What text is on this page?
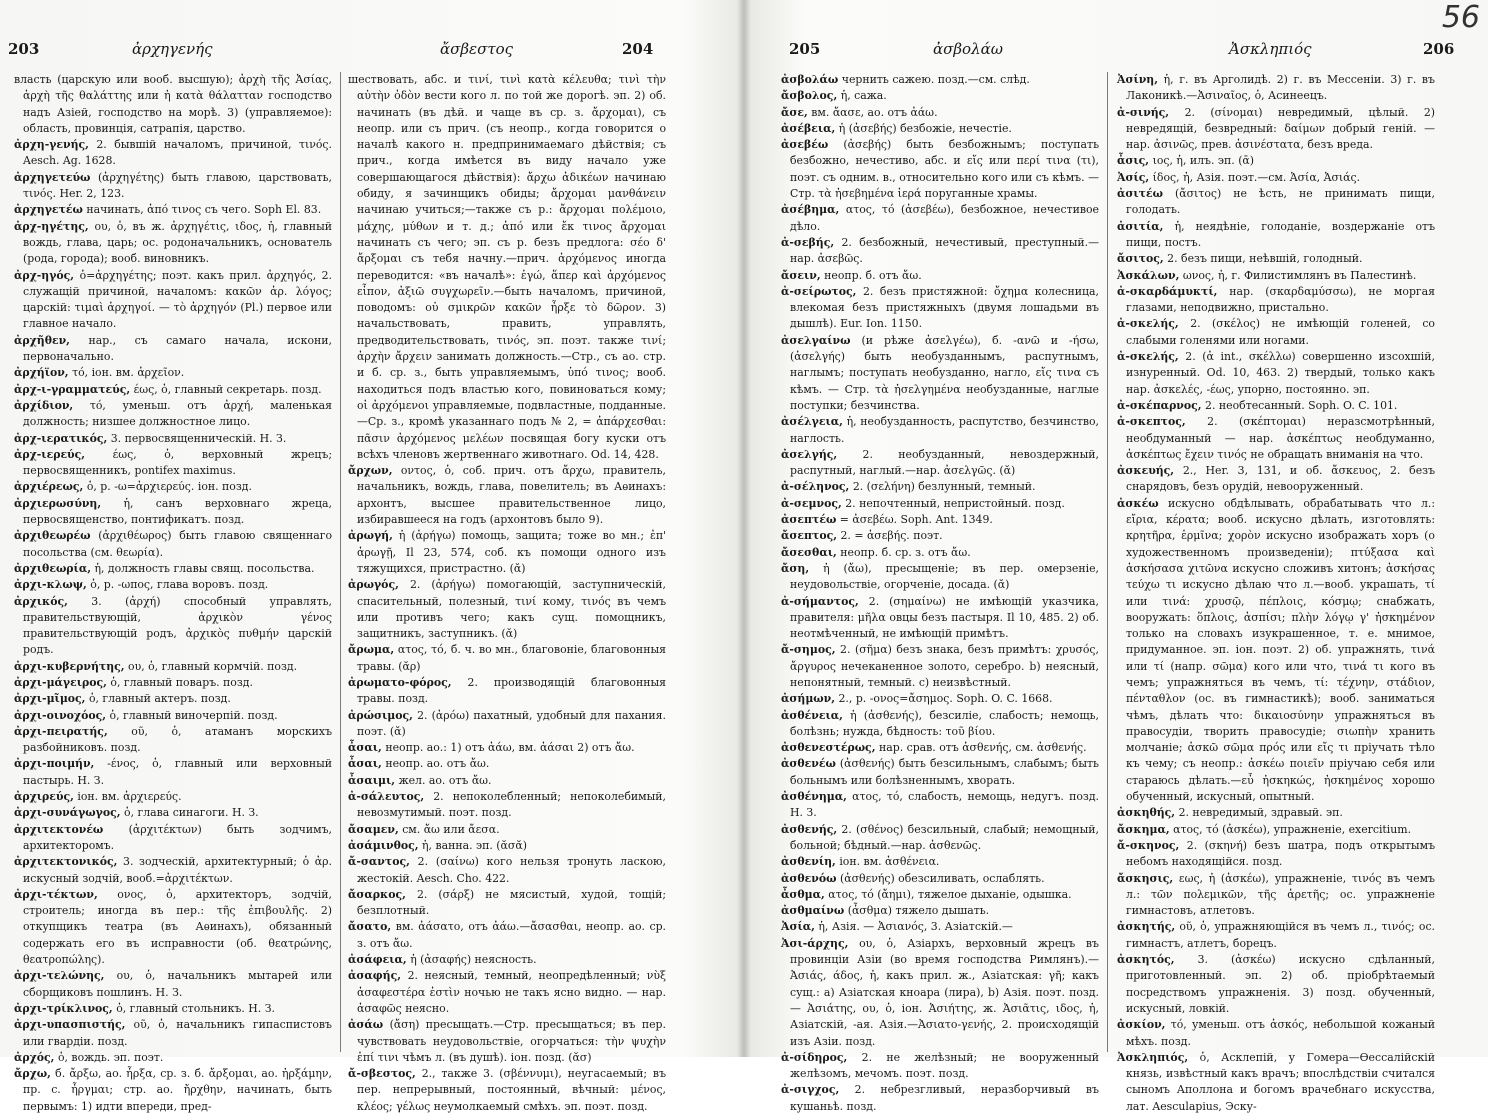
56
203	ἀρχηγενής	ἄσβεστος	204

власть (царскую или вооб. высшую); ἀρχὴ τῆς Ἀσίας, ἀρχὴ τῆς θαλάττης или ἡ κατὰ θάλατταν господство надъ Азіей, господство на морѣ. 3) (управляемое): область, провинція, сатрапія, царство.

ἀρχη-γενής, 2. бывшій началомъ, причиной, τινός. Aesch. Ag. 1628.

ἀρχηγετεύω (ἀρχηγέτης) быть главою, царствовать, τινός. Her. 2, 123.

ἀρχηγετέω начинать, ἀπό τινος съ чего. Soph El. 83.

ἀρχ-ηγέτης, ου, ὁ, въ ж. ἀρχηγέτις, ιδος, ἡ, главный вождь, глава, царь; ос. родоначальникъ, основатель (рода, города); вооб. виновникъ.

ἀρχ-ηγός, ὁ=ἀρχηγέτης; поэт. какъ прил. ἀρχηγός, 2. служащій причиной, началомъ: κακῶν ἀρ. λόγος; царскій: τιμαὶ ἀρχηγοί. — τὸ ἀρχηγόν (Pl.) первое или главное начало.

ἀρχῆθεν, нар., съ самаго начала, искони, первоначально.

ἀρχήϊον, τό, іон. вм. ἀρχεῖον.

ἀρχ-ι-γραμματεύς, έως, ὁ, главный секретарь. позд.

ἀρχίδιον, τό, уменьш. отъ ἀρχή, маленькая должность; низшее должностное лицо.

ἀρχ-ιερατικός, 3. первосвященническій. Н. З.

ἀρχ-ιερεύς,	έως, ὁ, верховный жрецъ; первосвященникъ, pontifex maximus.

ἀρχιέρεως, ὁ, р. -ω=ἀρχιερεύς. іон. позд.

ἀρχιερωσύνη, ἡ, санъ верховнаго жреца, первосвященство, понтификатъ. позд.

ἀρχιθεωρέω (ἀρχιθέωρος) быть главою священнаго посольства (см. θεωρία).

ἀρχιθεωρία, ἡ, должность главы свящ. посольства.

ἀρχι-κλωψ, ὁ, р. -ωπος, глава воровъ. позд.

ἀρχικός, 3. (ἀρχή) способный управлять, правительствующій, ἀρχικὸν γένος правительствующій родъ, ἀρχικὸς πυθμήν царскій родъ.

ἀρχι-κυβερνήτης, ου, ὁ, главный кормчій. позд.

ἀρχι-μάγειρος, ὁ, главный поваръ. позд.

ἀρχι-μῖμος, ὁ, главный актеръ. позд.

ἀρχι-οινοχόος, ὁ, главный виночерпій. позд.

ἀρχι-πειρατής, οῦ, ὁ, атаманъ морскихъ разбойниковъ. позд.

ἀρχι-ποιμήν, -ένος, ὁ, главный или верховный пастырь. Н. З.

ἀρχιρεύς, іон. вм. ἀρχιερεύς.

ἀρχι-συνάγωγος, ὁ, глава синагоги. Н. З.

ἀρχιτεκτονέω (ἀρχιτέκτων) быть зодчимъ, архитекторомъ.

ἀρχιτεκτονικός, 3. зодческій, архитектурный; ὁ ἀρ. искусный зодчій, вооб.=ἀρχιτέκτων.

ἀρχι-τέκτων, ονος, ὁ, архитекторъ, зодчій, строитель; иногда въ пер.: τῆς ἐπιβουλῆς. 2) откупщикъ театра (въ Аѳинахъ), обязанный содержать его въ исправности (об. θεατρώνης, θεατροπώλης).

ἀρχι-τελώνης, ου, ὁ, начальникъ мытарей или сборщиковъ пошлинъ. Н. З.

ἀρχι-τρίκλινος, ὁ, главный стольникъ. Н. З.

ἀρχι-υπασπιστής, οῦ, ὁ, начальникъ гипаспистовъ или гвардіи. позд.

ἀρχός, ὁ, вождь. эп. поэт.

ἄρχω, б. ἄρξω, ао. ἦρξα, ср. з. б. ἄρξομαι, ао. ἠρξάμην, пр. с. ἦργμαι; стр. ао. ἤρχθην, начинать, быть первымъ: 1) идти впереди, пред-

шествовать, абс. и τινί, τινὶ κατὰ κέλευθα; τινὶ τὴν αὐτὴν ὁδὸν вести кого л. по той же дорогѣ. эп. 2) об. начинать (въ дѣй. и чаще въ ср. з. ἄρχομαι), съ неопр. или съ прич. (съ неопр., когда говорится о началѣ какого н. предпринимаемаго дѣйствія; съ прич., когда имѣется въ виду начало уже совершающагося дѣйствія): ἄρχω ἀδικέων начинаю обиду, я зачинщикъ обиды; ἄρχομαι μανθάνειν начинаю учиться;—также съ р.: ἄρχομαι πολέμοιο, μάχης, μύθων и т. д.; ἀπό или ἔκ τινος ἄρχομαι начинать съ чего; эп. съ р. безъ предлога: σέο δ' ἄρξομαι съ тебя начну.—прич. ἀρχόμενος иногда переводится: «въ началѣ»: ἐγώ, ἅπερ καὶ ἀρχόμενος εἶπον, ἀξιῶ συγχωρεῖν.—быть началомъ, причиной, поводомъ: οὐ σμικρῶν κακῶν ἦρξε τὸ δῶρον. 3) начальствовать, править, управлять, предводительствовать, τινός, эп. поэт. также τινί; ἀρχὴν ἄρχειν занимать должность.—Стр., съ ао. стр. и б. ср. з., быть управляемымъ, ὑπό τινος; вооб. находиться подъ властью кого, повиноваться кому; οἱ ἀρχόμενοι управляемые, подвластные, подданные.—Ср. з., кромѣ указаннаго подъ № 2, = ἀπάρχεσθαι: πᾶσιν ἀρχόμενος μελέων посвящая богу куски отъ всѣхъ членовъ жертвеннаго животнаго. Od. 14, 428.

ἄρχων, οντος, ὁ, соб. прич. отъ ἄρχω, правитель, начальникъ, вождь, глава, повелитель; въ Аѳинахъ: архонтъ, высшее правительственное лицо, избиравшееся на годъ (архонтовъ было 9).

ἀρωγή, ἡ (ἀρήγω) помощь, защита; тоже во мн.; ἐπ' ἀρωγῇ, Il 23, 574, соб. къ помощи одного изъ тяжущихся, пристрастно. (ᾰ)

ἀρωγός, 2. (ἀρήγω) помогающій, заступническій, спасительный, полезный, τινί кому, τινός въ чемъ или противъ чего; какъ сущ. помощникъ, защитникъ, заступникъ. (ᾰ)

ἄρωμα, ατος, τό, б. ч. во мн., благовоніе, благовонныя травы. (ᾰρ)

ἀρωματο-φόρος, 2. производящій благовонныя травы. позд.

ἀρώσιμος, 2. (ἀρόω) пахатный, удобный для пахания. поэт. (ᾰ)

ἆσαι, неопр. ао.: 1) отъ ἀάω, вм. ἀάσαι 2) отъ ἄω.

ἆσαι, неопр. ао. отъ ἄω.

ἆσαιμι, жел. ао. отъ ἄω.

ἀ-σάλευτος, 2. непоколебленный; непоколебимый, невозмутимый. поэт. позд.

ἄσαμεν, см. ἄω или ἄεσα.

ἀσάμινθος, ἡ, ванна. эп. (ᾰσᾰ)

ἄ-σαντος, 2. (σαίνω) кого нельзя тронуть ласкою, жестокій. Aesch. Cho. 422.

ἄσαρκος, 2. (σάρξ) не мясистый, худой, тощій; безплотный.

ἄσατο, вм. ἀάσατο, отъ ἀάω.—ἄσασθαι, неопр. ао. ср. з. отъ ἄω.

ἀσάφεια, ἡ (ἀσαφής) неясность.

ἀσαφής, 2. неясный, темный, неопредѣленный; νὺξ ἀσαφεστέρα ἐστὶν ночью не такъ ясно видно. — нар. ἀσαφῶς неясно.

ἀσάω (ἄση) пресыщать.—Стр. пресыщаться; въ пер. чувствовать неудовольствіе, огорчаться: τὴν ψυχὴν ἐπί τινι чѣмъ л. (въ душѣ). іон. позд. (ᾰσ)

ἄ-σβεστος, 2., также 3. (σβέννυμι), неугасаемый; въ пер. непрерывный, постоянный, вѣчный: μένος, κλέος; γέλως неумолкаемый смѣхъ. эп. поэт. позд.

205	ἀσβολάω	Ἀσκληπιός	206

ἀσβολάω чернить сажею. позд.—см. слѣд.

ἄσβολος, ἡ, сажа.

ἄσε, вм. ἄασε, ао. отъ ἀάω.

ἀσέβεια, ἡ (ἀσεβής) безбожіе, нечестіе.

ἀσεβέω (ἀσεβής) быть безбожнымъ; поступать безбожно, нечестиво, абс. и εἴς или περί τινα (τι), поэт. съ одним. в., относительно кого или съ кѣмъ. — Стр. τὰ ἠσεβημένα ἱερά поруганные храмы.

ἀσέβημα, ατος, τό (ἀσεβέω), безбожное, нечестивое дѣло.

ἀ-σεβής, 2. безбожный, нечестивый, преступный.—нар. ἀσεβῶς.

ἄσειν, неопр. б. отъ ἄω.

ἀ-σείρωτος, 2. безъ пристяжной: ὄχημα колесница, влекомая безъ пристяжныхъ (двумя лошадьми въ дышлѣ). Eur. Ion. 1150.

ἀσελγαίνω (и рѣже ἀσελγέω), б. -ανῶ и -ήσω, (ἀσελγής) быть необузданнымъ, распутнымъ, наглымъ; поступать необузданно, нагло, εἴς τινα съ кѣмъ. — Стр. τὰ ἠσελγημένα необузданные, наглые поступки; безчинства.

ἀσέλγεια, ἡ, необузданность, распутство, безчинство, наглость.

ἀσελγής, 2. необузданный, невоздержный, распутный, наглый.—нар. ἀσελγῶς. (ᾰ)

ἀ-σέληνος, 2. (σελήνη) безлунный, темный.

ἀ-σεμνος, 2. непочтенный, непристойный. позд.

ἀσεπτέω = ἀσεβέω. Soph. Ant. 1349.

ἄσεπτος, 2. = ἀσεβής. поэт.

ἄσεσθαι, неопр. б. ср. з. отъ ἄω.

ἄση, ἡ (ἄω), пресыщеніе; въ пер. омерзеніе, неудовольствіе, огорченіе, досада. (ᾰ)

ἀ-σήμαντος, 2. (σημαίνω) не имѣющій указчика, правителя: μῆλα овцы безъ пастыря. Il 10, 485. 2) об. неотмѣченный, не имѣющій примѣтъ.

ἄ-σημος, 2. (σῆμα) безъ знака, безъ примѣтъ: χρυσός, ἄργυρος нечеканенное золото, серебро. b) неясный, непонятный, темный. c) неизвѣстный.

ἀσήμων, 2., р. -ονος=ἄσημος. Soph. O. C. 1668.

ἀσθένεια, ἡ (ἀσθενής), безсиліе, слабость; немощь, болѣзнь; нужда, бѣдность: τοῦ βίου.

ἀσθενεστέρως, нар. срав. отъ ἀσθενής, см. ἀσθενής.

ἀσθενέω (ἀσθενής) быть безсильнымъ, слабымъ; быть больнымъ или болѣзненнымъ, хворать.

ἀσθένημα, ατος, τό, слабость, немощь, недугъ. позд. Н. З.

ἀσθενής, 2. (σθένος) безсильный, слабый; немощный, больной; бѣдный.—нар. ἀσθενῶς.

ἀσθενίη, іон. вм. ἀσθένεια.

ἀσθενόω (ἀσθενής) обезсиливать, ослаблять.

ἆσθμα, ατος, τό (ἄημι), тяжелое дыханіе, одышка.

ἀσθμαίνω (ἆσθμα) тяжело дышать.

Ἀσία, ἡ, Азія. — Ἀσιανός, 3. Азіатскій.—

Ἀσι-άρχης, ου, ὁ, Азіархъ, верховный жрецъ въ провинціи Азіи (во время господства Римлянъ).—Ἀσιάς, άδος, ἡ, какъ прил. ж., Азіатская: γῆ; какъ сущ.: a) Азіатская кноара (лира), b) Азія. поэт. позд. — Ἀσιάτης, ου, ὁ, іон. Ἀσιήτης, ж. Ἀσιᾶτις, ιδος, ἡ, Азіатскій, -ая. Азія.—Ἀσιατο-γενής, 2. происходящій изъ Азіи. позд.

ἀ-σίδηρος, 2. не желѣзный; не вооруженный желѣзомъ, мечомъ. поэт. позд.

ἀ-σιγχος, 2. небрезгливый, неразборчивый въ кушаньѣ. позд.

Ἀσίνη, ἡ, г. въ Арголидѣ. 2) г. въ Мессеніи. 3) г. въ Лаконикѣ.—Ἀσιναῖος, ὁ, Асинеецъ.

ἀ-σινής, 2. (σίνομαι) невредимый, цѣлый. 2) невредящій, безвредный: δαίμων добрый геній. —нар. ἀσινῶς, прев. ἀσινέστατα, безъ вреда.

ἆσις, ιος, ἡ, илъ. эп. (ᾱ)

Ἀσίς, ίδος, ἡ, Азія. поэт.—см. Ἀσία, Ἀσιάς.

ἀσιτέω (ἄσιτος) не ѣсть, не принимать пищи, голодать.

ἀσιτία, ἡ, неядѣніе, голоданіе, воздержаніе отъ пищи, постъ.

ἄσιτος, 2. безъ пищи, неѣвшій, голодный.

Ἀσκάλων, ωνος, ἡ, г. Филистимлянъ въ Палестинѣ.

ἀ-σκαρδάμυκτί, нар. (σκαρδαμύσσω), не моргая глазами, неподвижно, пристально.

ἀ-σκελής, 2. (σκέλος) не имѣющій голеней, со слабыми голенями или ногами.

ἀ-σκελής, 2. (ἀ int., σκέλλω) совершенно изсохшій, изнуренный. Od. 10, 463. 2) твердый, только какъ нар. ἀσκελές, -έως, упорно, постоянно. эп.

ἀ-σκέπαρνος, 2. необтесанный. Soph. O. C. 101.

ἀ-σκεπτος, 2. (σκέπτομαι) неразсмотрѣнный, необдуманный — нар. ἀσκέπτως необдуманно, ἀσκέπτως ἔχειν τινός не обращать вниманія на что.

ἀσκευής, 2., Her. 3, 131, и об. ἄσκευος, 2. безъ снарядовъ, безъ орудій, невооруженный.

ἀσκέω искусно обдѣлывать, обрабатывать что л.: εἴρια, κέρατα; вооб. искусно дѣлать, изготовлять: κρητῆρα, ἑρμῖνα; χορὸν искусно изображать хоръ (о художественномъ произведеніи); πτύξασα καὶ ἀσκήσασα χιτῶνα искусно сложивъ хитонъ; ἀσκήσας τεύχω τι искусно дѣлаю что л.—вооб. украшать, τί или τινά: χρυσῷ, πέπλοις, κόσμῳ; снабжать, вооружать: ὅπλοις, ἀσπίσι; πλὴν λόγῳ γ' ἠσκημένον только на словахъ изукрашенное, т. е. мнимое, придуманное. эп. іон. поэт. 2) об. упражнять, τινά или τί (напр. σῶμα) кого или что, τινά τι кого въ чемъ; упражняться въ чемъ, τί: τέχνην, στάδιον, πένταθλον (ос. въ гимнастикѣ); вооб. заниматься чѣмъ, дѣлать что: δικαιοσύνην упражняться въ правосудіи, творить правосудіе; σιωπὴν хранить молчаніе; ἀσκῶ σῶμα πρός или εἴς τι пріучать тѣло къ чему; съ неопр.: ἀσκέω ποιεῖν пріучаю себя или стараюсь дѣлать.—εὖ ἠσκηκώς, ἠσκημένος хорошо обученный, искусный, опытный.

ἀσκηθής, 2. невредимый, здравый. эп.

ἄσκημα, ατος, τό (ἀσκέω), упражненіе, exercitium.

ἄ-σκηνος, 2. (σκηνή) безъ шатра, подъ открытымъ небомъ находящійся. позд.

ἄσκησις, εως, ἡ (ἀσκέω), упражненіе, τινός въ чемъ л.: τῶν πολεμικῶν, τῆς ἀρετῆς; ос. упражненіе гимнастовъ, атлетовъ.

ἀσκητής, οῦ, ὁ, упражняющійся въ чемъ л., τινός; ос. гимнастъ, атлетъ, борецъ.

ἀσκητός, 3. (ἀσκέω) искусно сдѣланный, приготовленный. эп. 2) об. пріобрѣтаемый посредствомъ упражненія. 3) позд. обученный, искусный, ловкій.

ἀσκίον, τό, уменьш. отъ ἀσκός, небольшой кожаный мѣхъ. позд.

Ἀσκληπιός, ὁ, Асклепій, у Гомера—Өессалійскій князь, извѣстный какъ врачъ; впослѣдствіи считался сыномъ Аполлона и богомъ врачебнаго искусства, лат. Aesculapius, Эску-
